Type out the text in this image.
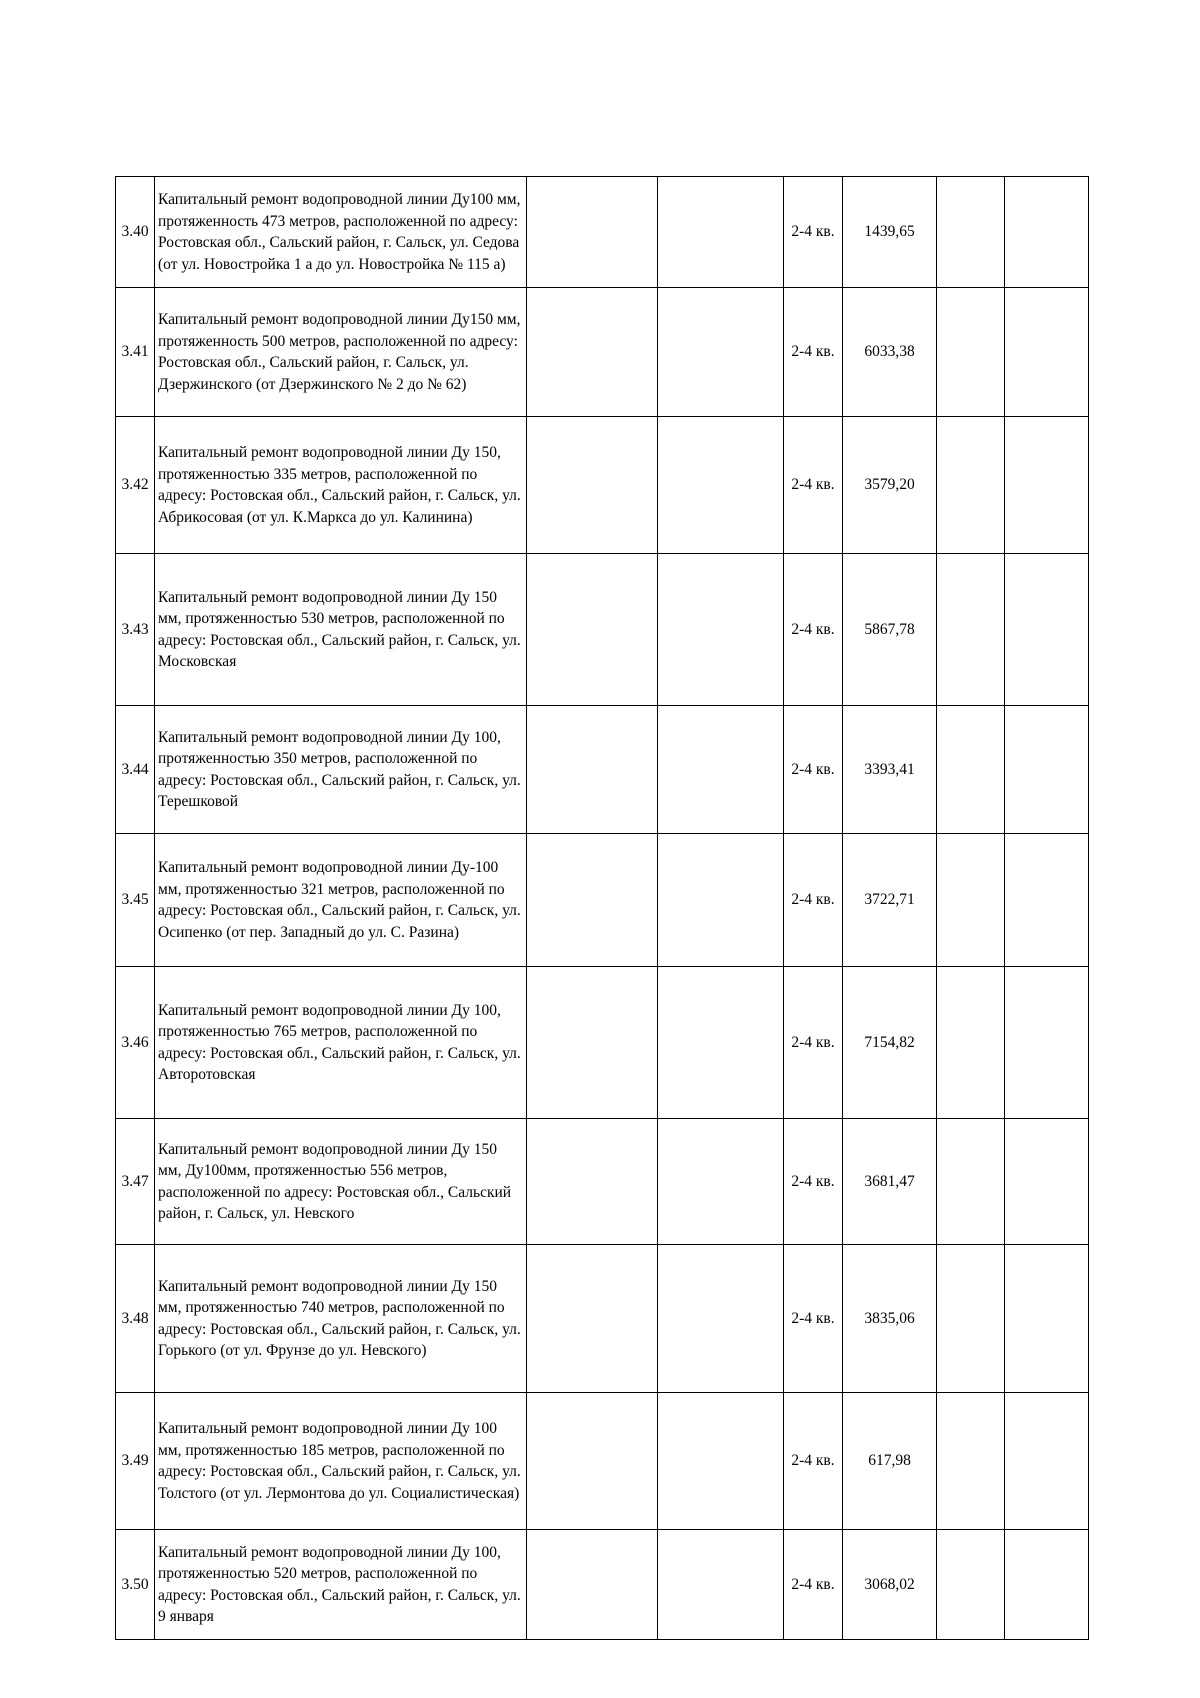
3.40	Капитальный ремонт водопроводной линии Ду100 мм, протяженность 473 метров, расположенной по адресу: Ростовская обл., Сальский район, г. Сальск, ул. Седова (от ул. Новостройка 1 а до ул. Новостройка № 115 а)			2-4 кв.	1439,65		
3.41	Капитальный ремонт водопроводной линии Ду150 мм, протяженность 500 метров, расположенной по адресу: Ростовская обл., Сальский район, г. Сальск, ул. Дзержинского (от Дзержинского № 2 до № 62)			2-4 кв.	6033,38		
3.42	Капитальный ремонт водопроводной линии Ду 150, протяженностью 335 метров, расположенной по адресу: Ростовская обл., Сальский район, г. Сальск, ул. Абрикосовая (от ул. К.Маркса до ул. Калинина)			2-4 кв.	3579,20		
3.43	Капитальный ремонт водопроводной линии Ду 150 мм, протяженностью 530 метров, расположенной по адресу: Ростовская обл., Сальский район, г. Сальск, ул. Московская			2-4 кв.	5867,78		
3.44	Капитальный ремонт водопроводной линии Ду 100, протяженностью 350 метров, расположенной по адресу: Ростовская обл., Сальский район, г. Сальск, ул. Терешковой			2-4 кв.	3393,41		
3.45	Капитальный ремонт водопроводной линии Ду-100 мм, протяженностью 321 метров, расположенной по адресу: Ростовская обл., Сальский район, г. Сальск, ул. Осипенко (от пер. Западный до ул. С. Разина)			2-4 кв.	3722,71		
3.46	Капитальный ремонт водопроводной линии Ду 100, протяженностью 765 метров, расположенной по адресу: Ростовская обл., Сальский район, г. Сальск, ул. Авторотовская			2-4 кв.	7154,82		
3.47	Капитальный ремонт водопроводной линии Ду 150 мм, Ду100мм, протяженностью 556 метров, расположенной по адресу: Ростовская обл., Сальский район, г. Сальск, ул. Невского			2-4 кв.	3681,47		
3.48	Капитальный ремонт водопроводной линии Ду 150 мм, протяженностью 740 метров, расположенной по адресу: Ростовская обл., Сальский район, г. Сальск, ул. Горького (от ул. Фрунзе до ул. Невского)			2-4 кв.	3835,06		
3.49	Капитальный ремонт водопроводной линии Ду 100 мм, протяженностью 185 метров, расположенной по адресу: Ростовская обл., Сальский район, г. Сальск, ул. Толстого (от ул. Лермонтова до ул. Социалистическая)			2-4 кв.	617,98		
3.50	Капитальный ремонт водопроводной линии Ду 100, протяженностью 520 метров, расположенной по адресу: Ростовская обл., Сальский район, г. Сальск, ул. 9 января			2-4 кв.	3068,02		
